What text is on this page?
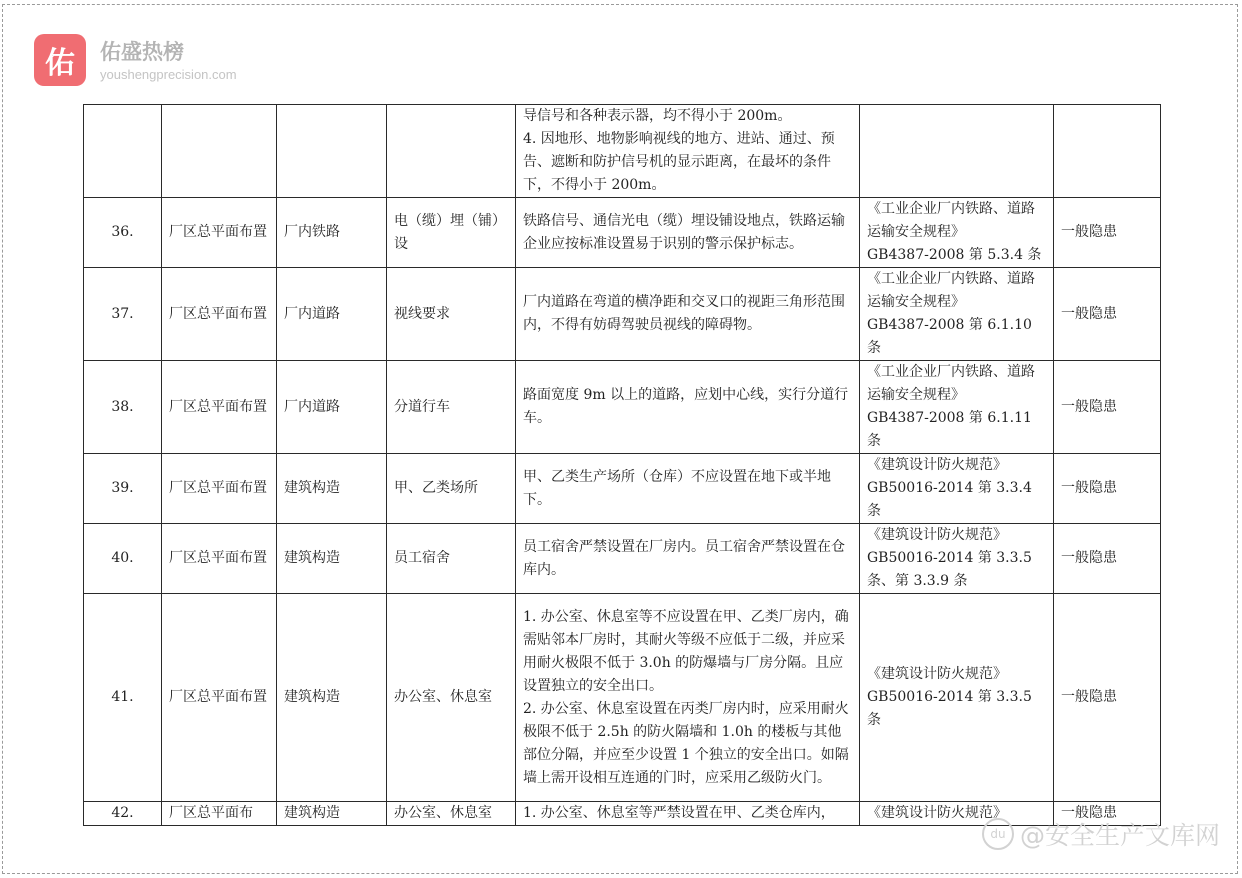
佑	佑盛热榜
youshengprecision.com
				导信号和各种表示器，均不得小于 200m。
4. 因地形、地物影响视线的地方、进站、通过、预告、遮断和防护信号机的显示距离，在最坏的条件下，不得小于 200m。		
36.	厂区总平面布置	厂内铁路	电（缆）埋（铺）设	铁路信号、通信光电（缆）埋设铺设地点，铁路运输企业应按标准设置易于识别的警示保护标志。	《工业企业厂内铁路、道路运输安全规程》
GB4387-2008 第 5.3.4 条	一般隐患
37.	厂区总平面布置	厂内道路	视线要求	厂内道路在弯道的横净距和交叉口的视距三角形范围内，不得有妨碍驾驶员视线的障碍物。	《工业企业厂内铁路、道路运输安全规程》
GB4387-2008 第 6.1.10 条	一般隐患
38.	厂区总平面布置	厂内道路	分道行车	路面宽度 9m 以上的道路，应划中心线，实行分道行车。	《工业企业厂内铁路、道路运输安全规程》
GB4387-2008 第 6.1.11 条	一般隐患
39.	厂区总平面布置	建筑构造	甲、乙类场所	甲、乙类生产场所（仓库）不应设置在地下或半地下。	《建筑设计防火规范》
GB50016-2014 第 3.3.4 条	一般隐患
40.	厂区总平面布置	建筑构造	员工宿舍	员工宿舍严禁设置在厂房内。员工宿舍严禁设置在仓库内。	《建筑设计防火规范》
GB50016-2014 第 3.3.5 条、第 3.3.9 条	一般隐患
41.	厂区总平面布置	建筑构造	办公室、休息室	1. 办公室、休息室等不应设置在甲、乙类厂房内，确需贴邻本厂房时，其耐火等级不应低于二级，并应采用耐火极限不低于 3.0h 的防爆墙与厂房分隔。且应设置独立的安全出口。
2. 办公室、休息室设置在丙类厂房内时，应采用耐火极限不低于 2.5h 的防火隔墙和 1.0h 的楼板与其他部位分隔，并应至少设置 1 个独立的安全出口。如隔墙上需开设相互连通的门时，应采用乙级防火门。	《建筑设计防火规范》
GB50016-2014 第 3.3.5 条	一般隐患
42.	厂区总平面布	建筑构造	办公室、休息室	1. 办公室、休息室等严禁设置在甲、乙类仓库内，	《建筑设计防火规范》	一般隐患
du @安全生产文库网
